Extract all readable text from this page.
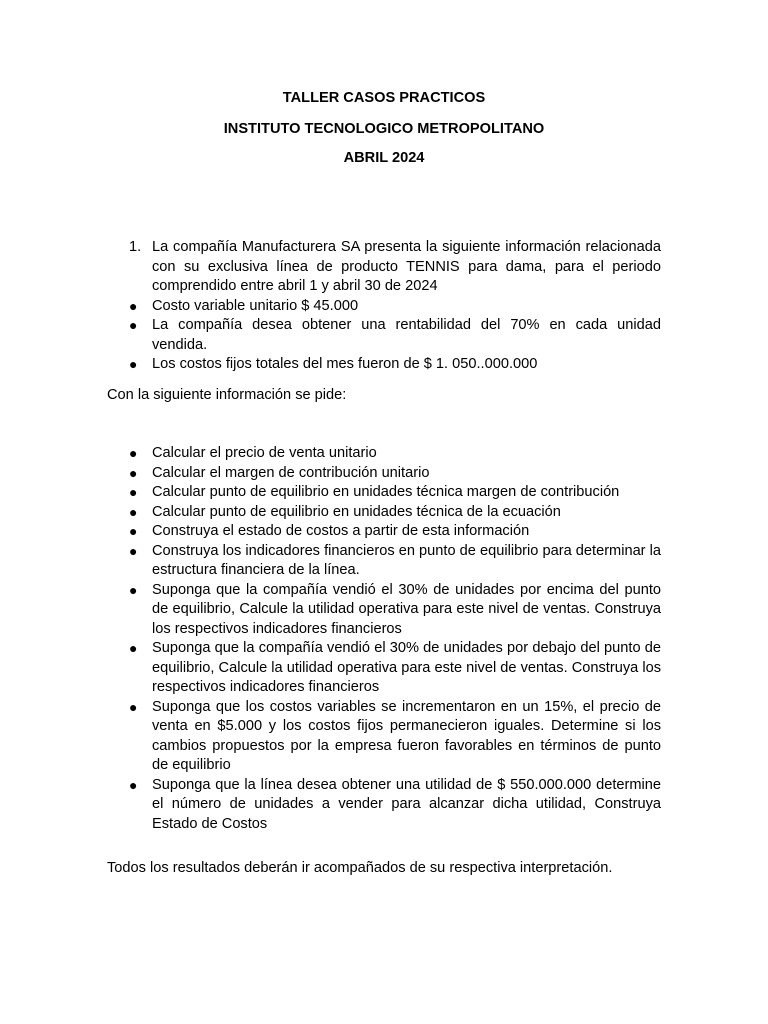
TALLER CASOS PRACTICOS
INSTITUTO TECNOLOGICO METROPOLITANO
ABRIL 2024
1. La compañía Manufacturera SA presenta la siguiente información relacionada con su exclusiva línea de producto TENNIS para dama, para el periodo comprendido entre abril 1 y abril 30 de 2024
● Costo variable unitario $ 45.000
● La compañía desea obtener una rentabilidad del 70% en cada unidad vendida.
● Los costos fijos totales del mes fueron de $ 1. 050..000.000
Con la siguiente información se pide:
● Calcular el precio de venta unitario
● Calcular el margen de contribución unitario
● Calcular punto de equilibrio en unidades técnica margen de contribución
● Calcular punto de equilibrio en unidades técnica de la ecuación
● Construya el estado de costos a partir de esta información
● Construya los indicadores financieros en punto de equilibrio para determinar la estructura financiera de la línea.
● Suponga que la compañía vendió el 30% de unidades por encima del punto de equilibrio, Calcule la utilidad operativa para este nivel de ventas. Construya los respectivos indicadores financieros
● Suponga que la compañía vendió el 30% de unidades por debajo del punto de equilibrio, Calcule la utilidad operativa para este nivel de ventas. Construya los respectivos indicadores financieros
● Suponga que los costos variables se incrementaron en un 15%, el precio de venta en $5.000 y los costos fijos permanecieron iguales. Determine si los cambios propuestos por la empresa fueron favorables en términos de punto de equilibrio
● Suponga que la línea desea obtener una utilidad de $ 550.000.000 determine el número de unidades a vender para alcanzar dicha utilidad, Construya Estado de Costos
Todos los resultados deberán ir acompañados de su respectiva interpretación.
